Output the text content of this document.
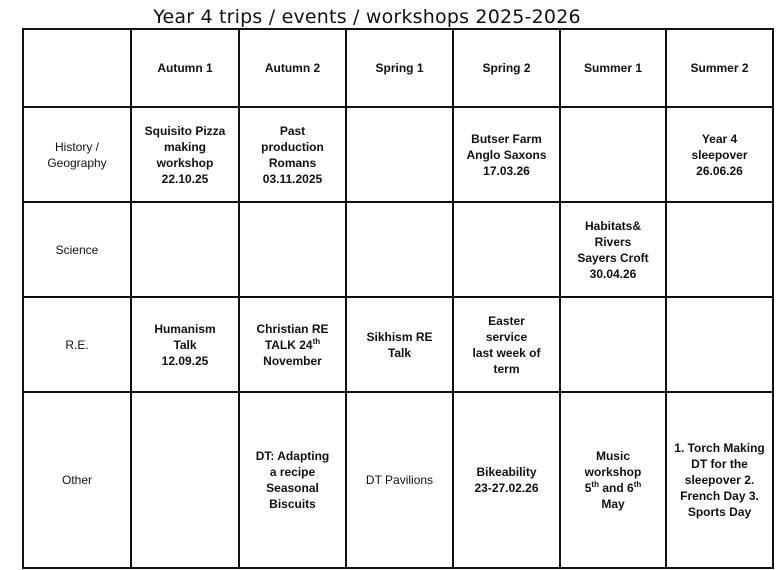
Year 4 trips / events / workshops 2025-2026
	Autumn 1	Autumn 2	Spring 1	Spring 2	Summer 1	Summer 2
History /
Geography	Squisito Pizza
making
workshop
22.10.25	Past
production
Romans
03.11.2025		Butser Farm
Anglo Saxons
17.03.26		Year 4
sleepover
26.06.26
Science					Habitats&
Rivers
Sayers Croft
30.04.26	
R.E.	Humanism
Talk
12.09.25	Christian RE
TALK 24th
November	Sikhism RE
Talk	Easter
service
last week of
term		
Other		DT: Adapting
a recipe
Seasonal
Biscuits	DT Pavilions	Bikeability
23-27.02.26	Music
workshop
5th and 6th
May	1. Torch Making DT for the sleepover 2. French Day 3. Sports Day
